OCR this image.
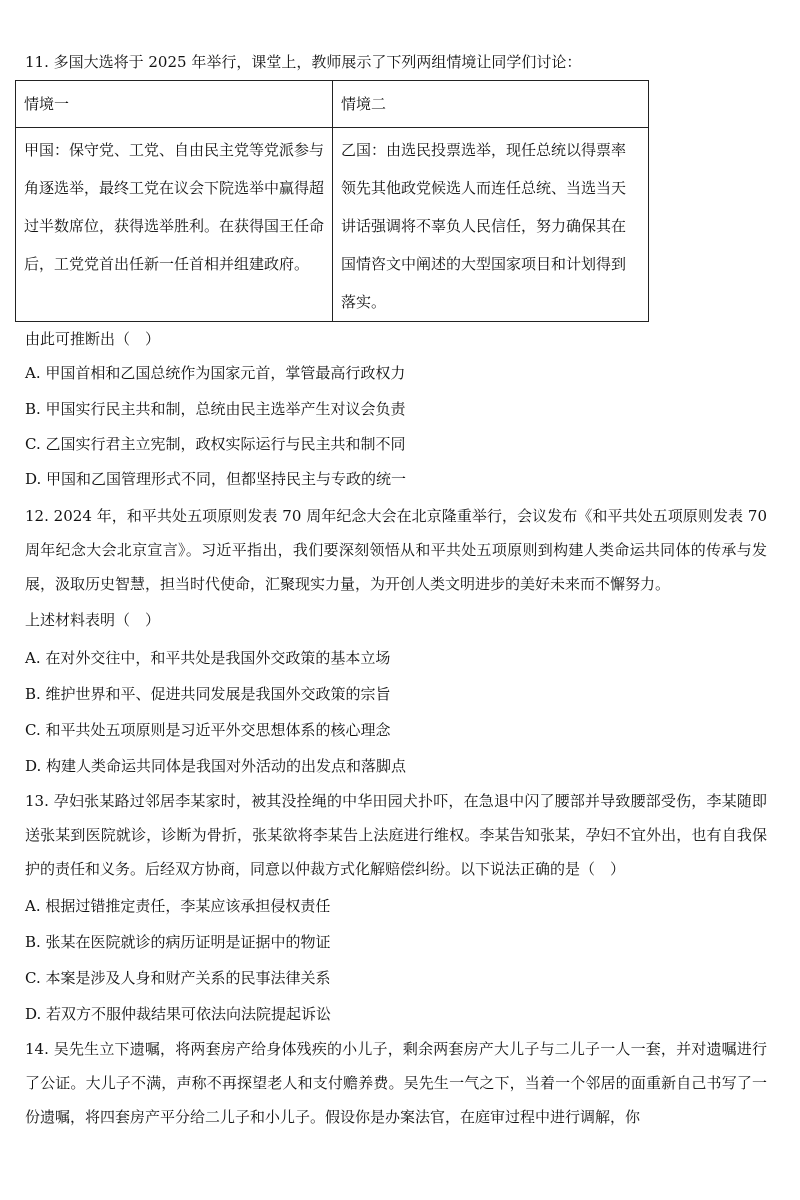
11. 多国大选将于 2025 年举行，课堂上，教师展示了下列两组情境让同学们讨论：
情境一	情境二
甲国：保守党、工党、自由民主党等党派参与角逐选举，最终工党在议会下院选举中赢得超过半数席位，获得选举胜利。在获得国王任命后，工党党首出任新一任首相并组建政府。	乙国：由选民投票选举，现任总统以得票率领先其他政党候选人而连任总统、当选当天讲话强调将不辜负人民信任，努力确保其在国情咨文中阐述的大型国家项目和计划得到落实。
由此可推断出（　）
A. 甲国首相和乙国总统作为国家元首，掌管最高行政权力
B. 甲国实行民主共和制，总统由民主选举产生对议会负责
C. 乙国实行君主立宪制，政权实际运行与民主共和制不同
D. 甲国和乙国管理形式不同，但都坚持民主与专政的统一
12. 2024 年，和平共处五项原则发表 70 周年纪念大会在北京隆重举行，会议发布《和平共处五项原则发表 70 周年纪念大会北京宣言》。习近平指出，我们要深刻领悟从和平共处五项原则到构建人类命运共同体的传承与发展，汲取历史智慧，担当时代使命，汇聚现实力量，为开创人类文明进步的美好未来而不懈努力。
上述材料表明（　）
A. 在对外交往中，和平共处是我国外交政策的基本立场
B. 维护世界和平、促进共同发展是我国外交政策的宗旨
C. 和平共处五项原则是习近平外交思想体系的核心理念
D. 构建人类命运共同体是我国对外活动的出发点和落脚点
13. 孕妇张某路过邻居李某家时，被其没拴绳的中华田园犬扑吓，在急退中闪了腰部并导致腰部受伤，李某随即送张某到医院就诊，诊断为骨折，张某欲将李某告上法庭进行维权。李某告知张某，孕妇不宜外出，也有自我保护的责任和义务。后经双方协商，同意以仲裁方式化解赔偿纠纷。以下说法正确的是（　）
A. 根据过错推定责任，李某应该承担侵权责任
B. 张某在医院就诊的病历证明是证据中的物证
C. 本案是涉及人身和财产关系的民事法律关系
D. 若双方不服仲裁结果可依法向法院提起诉讼
14. 吴先生立下遗嘱，将两套房产给身体残疾的小儿子，剩余两套房产大儿子与二儿子一人一套，并对遗嘱进行了公证。大儿子不满，声称不再探望老人和支付赡养费。吴先生一气之下，当着一个邻居的面重新自己书写了一份遗嘱，将四套房产平分给二儿子和小儿子。假设你是办案法官，在庭审过程中进行调解，你
